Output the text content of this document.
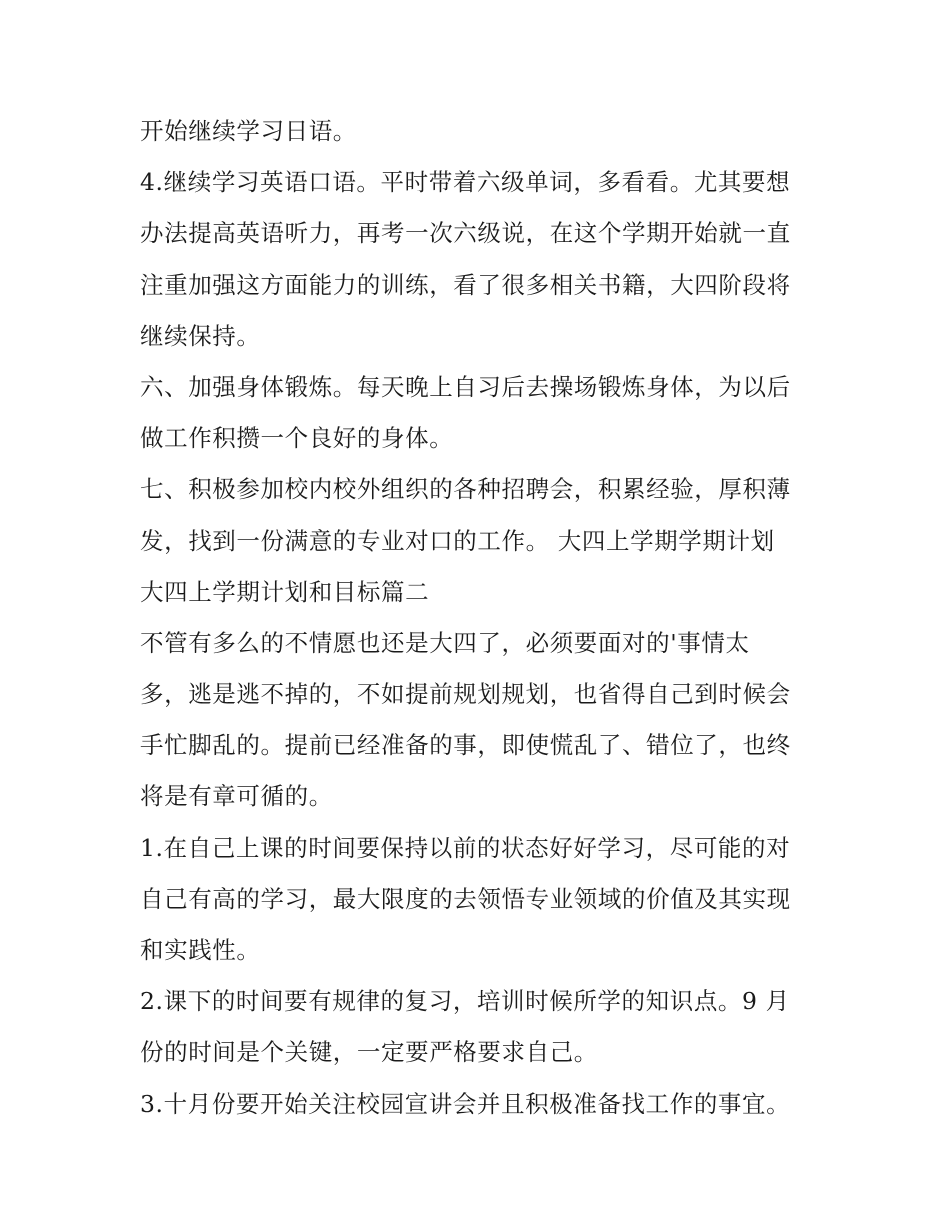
开始继续学习日语。
4.继续学习英语口语。平时带着六级单词，多看看。尤其要想
办法提高英语听力，再考一次六级说，在这个学期开始就一直
注重加强这方面能力的训练，看了很多相关书籍，大四阶段将
继续保持。
六、加强身体锻炼。每天晚上自习后去操场锻炼身体，为以后
做工作积攒一个良好的身体。
七、积极参加校内校外组织的各种招聘会，积累经验，厚积薄
发，找到一份满意的专业对口的工作。 大四上学期学期计划
大四上学期计划和目标篇二
不管有多么的不情愿也还是大四了，必须要面对的'事情太
多，逃是逃不掉的，不如提前规划规划，也省得自己到时候会
手忙脚乱的。提前已经准备的事，即使慌乱了、错位了，也终
将是有章可循的。
1.在自己上课的时间要保持以前的状态好好学习，尽可能的对
自己有高的学习，最大限度的去领悟专业领域的价值及其实现
和实践性。
2.课下的时间要有规律的复习，培训时候所学的知识点。9 月
份的时间是个关键，一定要严格要求自己。
3.十月份要开始关注校园宣讲会并且积极准备找工作的事宜。
